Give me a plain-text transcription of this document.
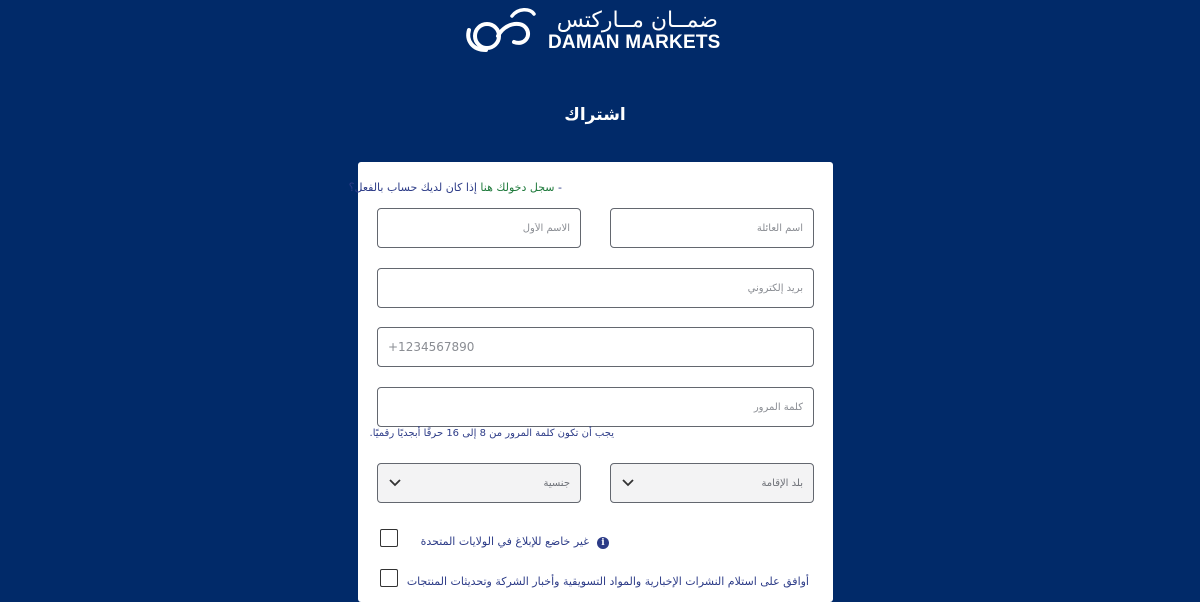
ضمــان مــاركتس
DAMAN MARKETS
اشتراك
- سجل دخولك هنا إذا كان لديك حساب بالفعل؟
الاسم الأول
اسم العائلة
بريد إلكتروني
+1234567890
يجب أن تكون كلمة المرور من 8 إلى 16 حرفًا أبجديًا رقميًا.
جنسية	بلد الإقامة
غير خاضع للإبلاغ في الولايات المتحدة	i
أوافق على استلام النشرات الإخبارية والمواد التسويقية وأخبار الشركة وتحديثات المنتجات
